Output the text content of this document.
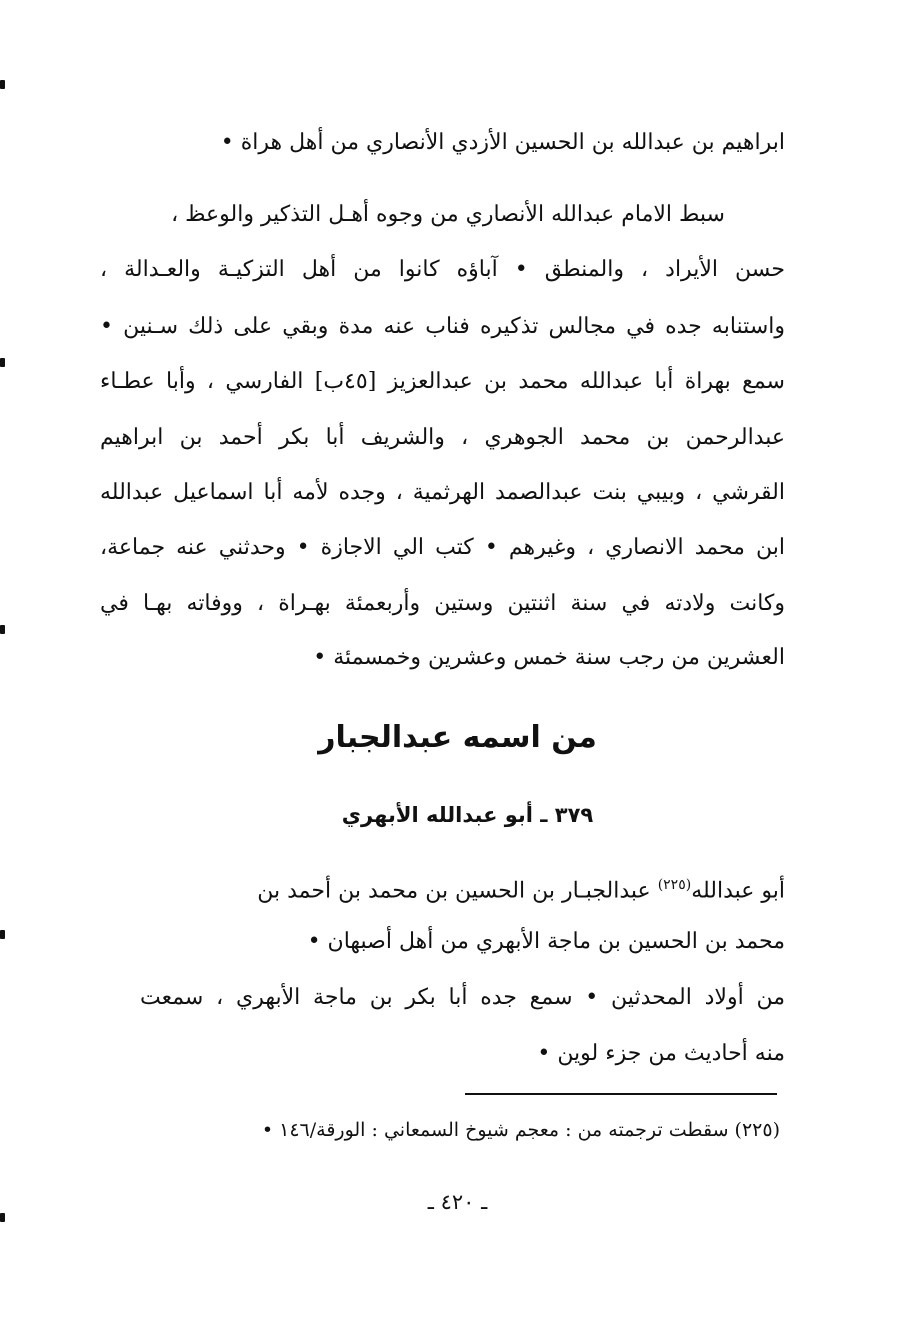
ابراهيم بن عبدالله بن الحسين الأزدي الأنصاري من أهل هراة •
سبط الامام عبدالله الأنصاري من وجوه أهـل التذكير والوعظ ،
حسن الأيراد ، والمنطق • آباؤه كانوا من أهل التزكيـة والعـدالة ،
واستنابه جده في مجالس تذكيره فناب عنه مدة وبقي على ذلك سـنين •
سمع بهراة أبا عبدالله محمد بن عبدالعزيز [٤٥ب] الفارسي ، وأبا عطـاء
عبدالرحمن بن محمد الجوهري ، والشريف أبا بكر أحمد بن ابراهيم
القرشي ، وبيبي بنت عبدالصمد الهرثمية ، وجده لأمه أبا اسماعيل عبدالله
ابن محمد الانصاري ، وغيرهم • كتب الي الاجازة • وحدثني عنه جماعة،
وكانت ولادته في سنة اثنتين وستين وأربعمئة بهـراة ، ووفاته بهـا في
العشرين من رجب سنة خمس وعشرين وخمسمئة •
من اسمه عبدالجبار
٣٧٩ ـ أبو عبدالله الأبهري
أبو عبدالله$^{(٢٢٥)}$ عبدالجبـار بن الحسين بن محمد بن أحمد بن
محمد بن الحسين بن ماجة الأبهري من أهل أصبهان •
من أولاد المحدثين • سمع جده أبا بكر بن ماجة الأبهري ، سمعت
منه أحاديث من جزء لوين •
(٢٢٥) سقطت ترجمته من : معجم شيوخ السمعاني : الورقة/١٤٦ •
ـ ٤٢٠ ـ
